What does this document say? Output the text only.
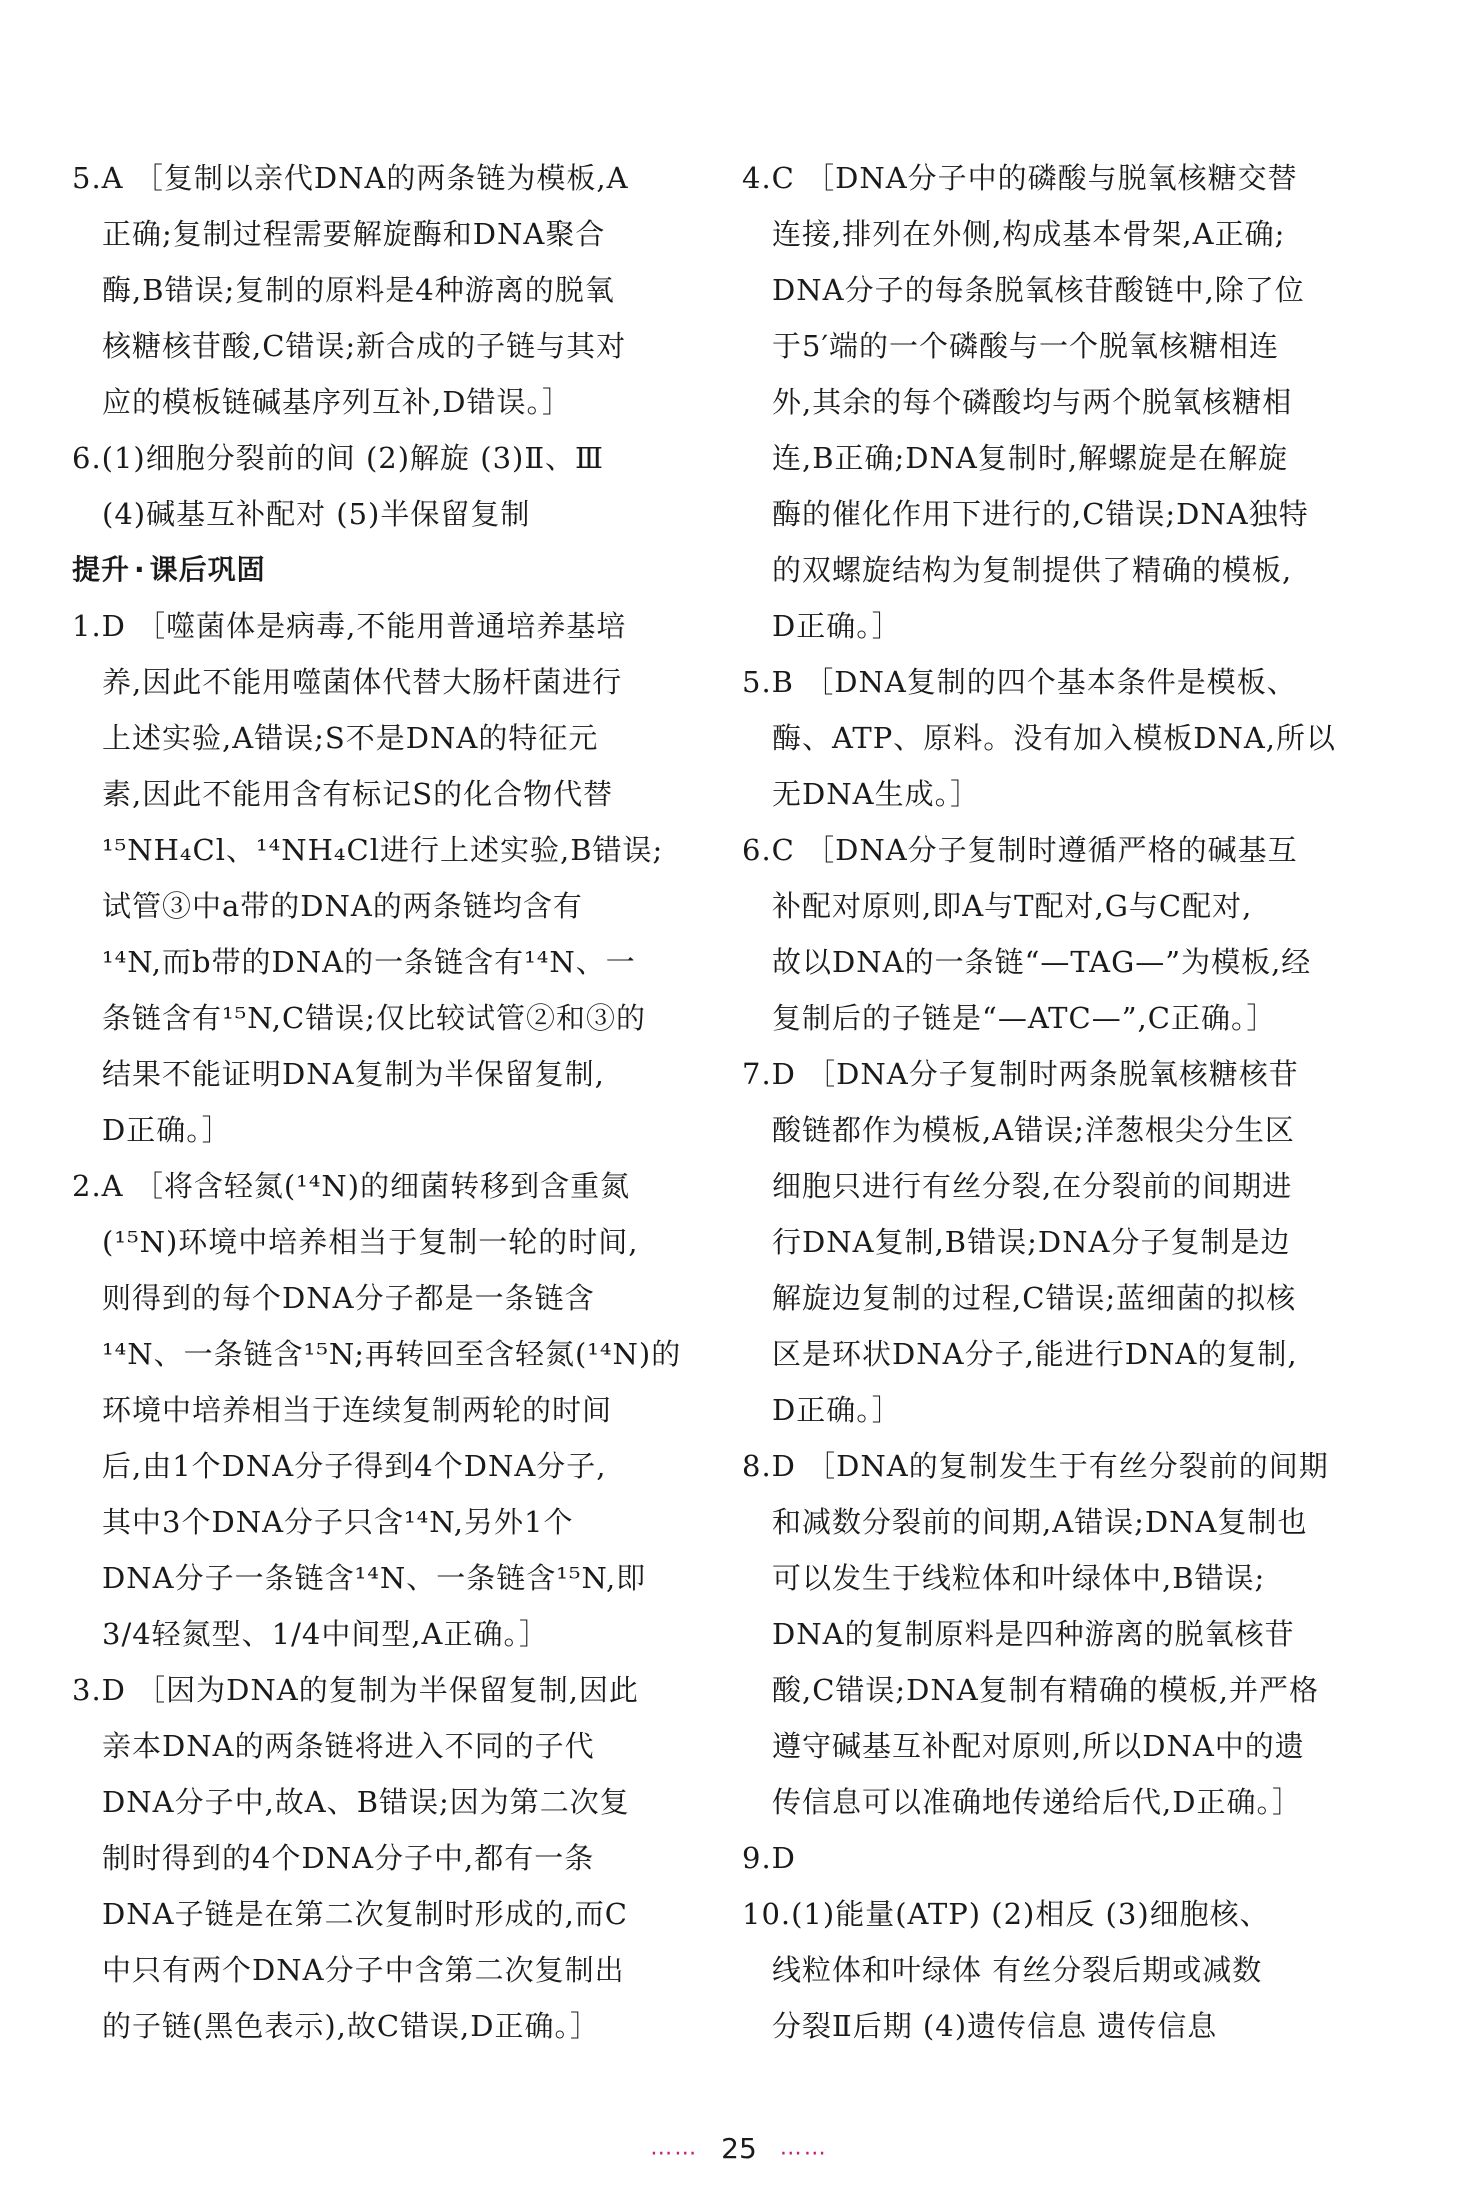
5.A ［复制以亲代DNA的两条链为模板,A
正确;复制过程需要解旋酶和DNA聚合
酶,B错误;复制的原料是4种游离的脱氧
核糖核苷酸,C错误;新合成的子链与其对
应的模板链碱基序列互补,D错误。］
6.(1)细胞分裂前的间 (2)解旋 (3)Ⅱ、Ⅲ
(4)碱基互补配对 (5)半保留复制
提升 · 课后巩固
1.D ［噬菌体是病毒,不能用普通培养基培
养,因此不能用噬菌体代替大肠杆菌进行
上述实验,A错误;S不是DNA的特征元
素,因此不能用含有标记S的化合物代替
¹⁵NH₄Cl、¹⁴NH₄Cl进行上述实验,B错误;
试管③中a带的DNA的两条链均含有
¹⁴N,而b带的DNA的一条链含有¹⁴N、一
条链含有¹⁵N,C错误;仅比较试管②和③的
结果不能证明DNA复制为半保留复制,
D正确。］
2.A ［将含轻氮(¹⁴N)的细菌转移到含重氮
(¹⁵N)环境中培养相当于复制一轮的时间,
则得到的每个DNA分子都是一条链含
¹⁴N、一条链含¹⁵N;再转回至含轻氮(¹⁴N)的
环境中培养相当于连续复制两轮的时间
后,由1个DNA分子得到4个DNA分子,
其中3个DNA分子只含¹⁴N,另外1个
DNA分子一条链含¹⁴N、一条链含¹⁵N,即
3/4轻氮型、1/4中间型,A正确。］
3.D ［因为DNA的复制为半保留复制,因此
亲本DNA的两条链将进入不同的子代
DNA分子中,故A、B错误;因为第二次复
制时得到的4个DNA分子中,都有一条
DNA子链是在第二次复制时形成的,而C
中只有两个DNA分子中含第二次复制出
的子链(黑色表示),故C错误,D正确。］
4.C ［DNA分子中的磷酸与脱氧核糖交替
连接,排列在外侧,构成基本骨架,A正确;
DNA分子的每条脱氧核苷酸链中,除了位
于5′端的一个磷酸与一个脱氧核糖相连
外,其余的每个磷酸均与两个脱氧核糖相
连,B正确;DNA复制时,解螺旋是在解旋
酶的催化作用下进行的,C错误;DNA独特
的双螺旋结构为复制提供了精确的模板,
D正确。］
5.B ［DNA复制的四个基本条件是模板、
酶、ATP、原料。没有加入模板DNA,所以
无DNA生成。］
6.C ［DNA分子复制时遵循严格的碱基互
补配对原则,即A与T配对,G与C配对,
故以DNA的一条链“—TAG—”为模板,经
复制后的子链是“—ATC—”,C正确。］
7.D ［DNA分子复制时两条脱氧核糖核苷
酸链都作为模板,A错误;洋葱根尖分生区
细胞只进行有丝分裂,在分裂前的间期进
行DNA复制,B错误;DNA分子复制是边
解旋边复制的过程,C错误;蓝细菌的拟核
区是环状DNA分子,能进行DNA的复制,
D正确。］
8.D ［DNA的复制发生于有丝分裂前的间期
和减数分裂前的间期,A错误;DNA复制也
可以发生于线粒体和叶绿体中,B错误;
DNA的复制原料是四种游离的脱氧核苷
酸,C错误;DNA复制有精确的模板,并严格
遵守碱基互补配对原则,所以DNA中的遗
传信息可以准确地传递给后代,D正确。］
9.D
10.(1)能量(ATP) (2)相反 (3)细胞核、
线粒体和叶绿体 有丝分裂后期或减数
分裂Ⅱ后期 (4)遗传信息 遗传信息
…… 25 ……
